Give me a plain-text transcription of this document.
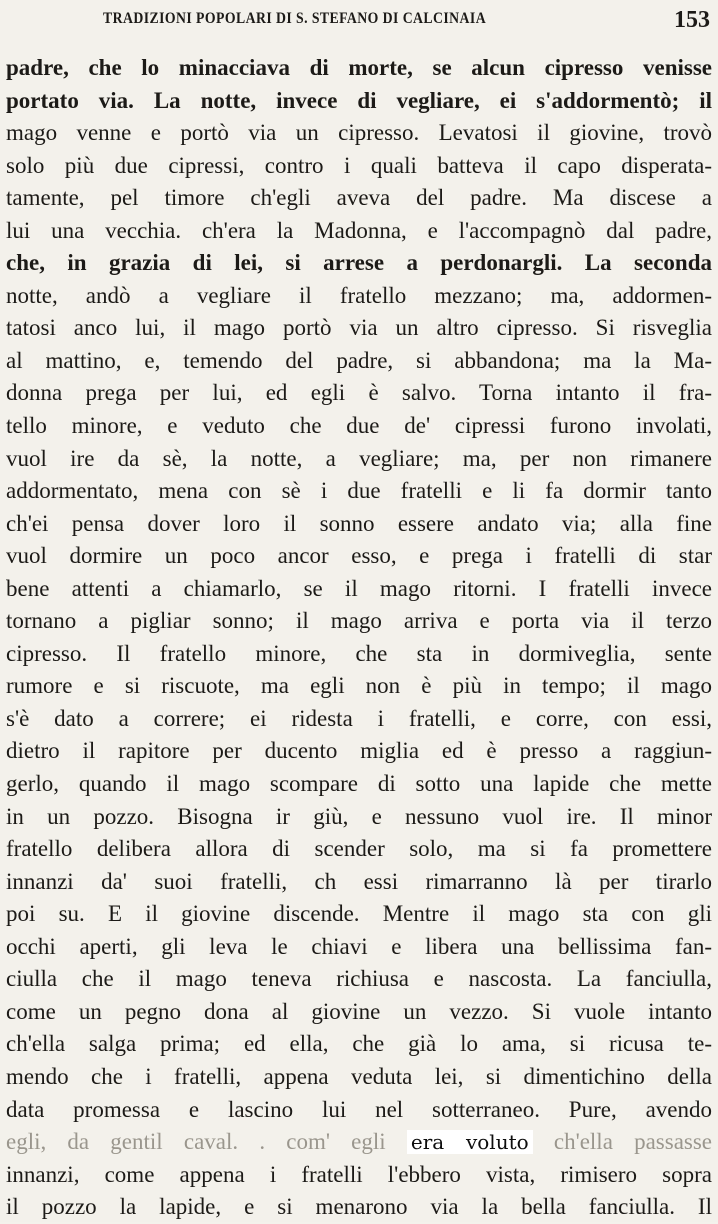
TRADIZIONI POPOLARI DI S. STEFANO DI CALCINAIA	153
padre, che lo minacciava di morte, se alcun cipresso venisse
portato via. La notte, invece di vegliare, ei s'addormentò; il
mago venne e portò via un cipresso. Levatosi il giovine, trovò
solo più due cipressi, contro i quali batteva il capo disperata-
tamente, pel timore ch'egli aveva del padre. Ma discese a
lui una vecchia. ch'era la Madonna, e l'accompagnò dal padre,
che, in grazia di lei, si arrese a perdonargli. La seconda
notte, andò a vegliare il fratello mezzano; ma, addormen-
tatosi anco lui, il mago portò via un altro cipresso. Si risveglia
al mattino, e, temendo del padre, si abbandona; ma la Ma-
donna prega per lui, ed egli è salvo. Torna intanto il fra-
tello minore, e veduto che due de' cipressi furono involati,
vuol ire da sè, la notte, a vegliare; ma, per non rimanere
addormentato, mena con sè i due fratelli e li fa dormir tanto
ch'ei pensa dover loro il sonno essere andato via; alla fine
vuol dormire un poco ancor esso, e prega i fratelli di star
bene attenti a chiamarlo, se il mago ritorni. I fratelli invece
tornano a pigliar sonno; il mago arriva e porta via il terzo
cipresso. Il fratello minore, che sta in dormiveglia, sente
rumore e si riscuote, ma egli non è più in tempo; il mago
s'è dato a correre; ei ridesta i fratelli, e corre, con essi,
dietro il rapitore per ducento miglia ed è presso a raggiun-
gerlo, quando il mago scompare di sotto una lapide che mette
in un pozzo. Bisogna ir giù, e nessuno vuol ire. Il minor
fratello delibera allora di scender solo, ma si fa promettere
innanzi da' suoi fratelli, ch essi rimarranno là per tirarlo
poi su. E il giovine discende. Mentre il mago sta con gli
occhi aperti, gli leva le chiavi e libera una bellissima fan-
ciulla che il mago teneva richiusa e nascosta. La fanciulla,
come un pegno dona al giovine un vezzo. Si vuole intanto
ch'ella salga prima; ed ella, che già lo ama, si ricusa te-
mendo che i fratelli, appena veduta lei, si dimentichino della
data promessa e lascino lui nel sotterraneo. Pure, avendo
egli, da gentil caval. . com' egli era voluto ch'ella passasse
innanzi, come appena i fratelli l'ebbero vista, rimisero sopra
il pozzo la lapide, e si menarono via la bella fanciulla. Il
